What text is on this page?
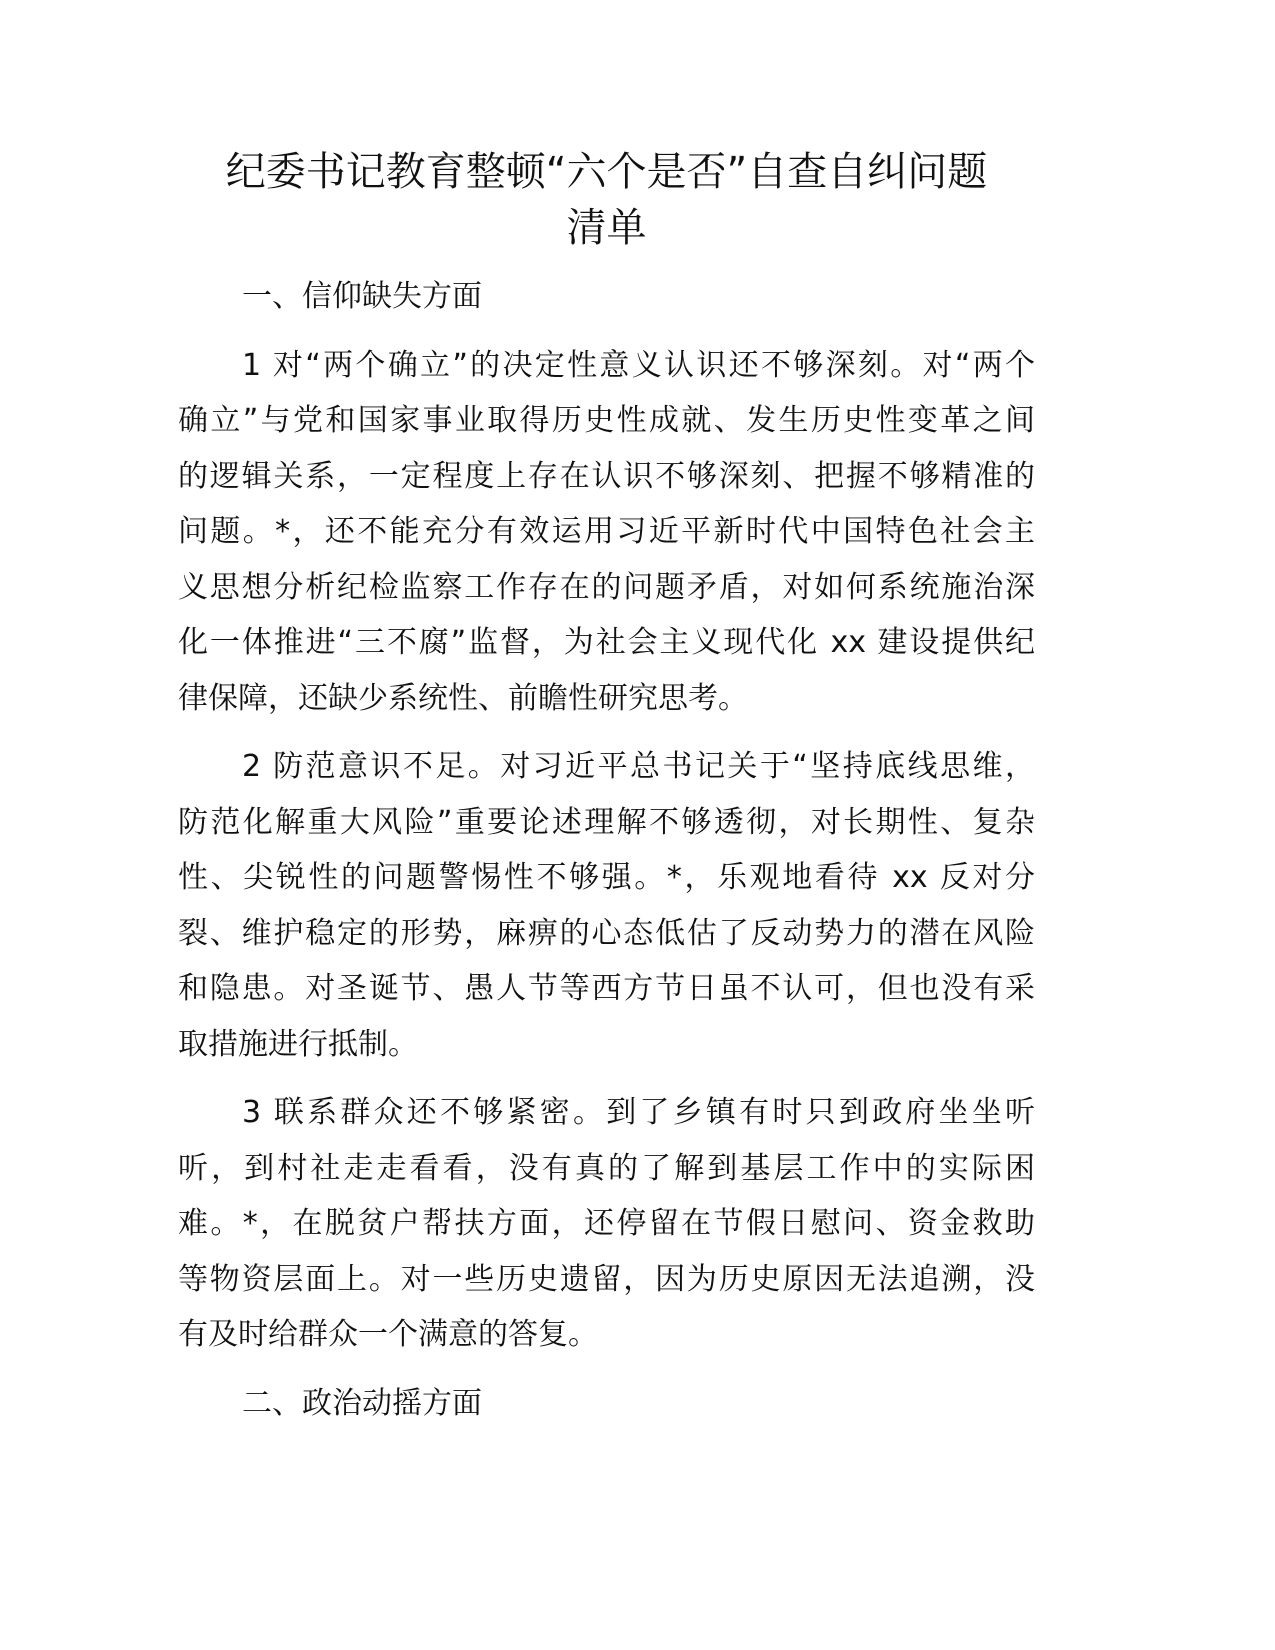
纪委书记教育整顿“六个是否”自查自纠问题
清单
一、信仰缺失方面
1 对“两个确立”的决定性意义认识还不够深刻。对“两个
确立”与党和国家事业取得历史性成就、发生历史性变革之间
的逻辑关系，一定程度上存在认识不够深刻、把握不够精准的
问题。*，还不能充分有效运用习近平新时代中国特色社会主
义思想分析纪检监察工作存在的问题矛盾，对如何系统施治深
化一体推进“三不腐”监督，为社会主义现代化 xx 建设提供纪
律保障，还缺少系统性、前瞻性研究思考。
2 防范意识不足。对习近平总书记关于“坚持底线思维，
防范化解重大风险”重要论述理解不够透彻，对长期性、复杂
性、尖锐性的问题警惕性不够强。*，乐观地看待 xx 反对分
裂、维护稳定的形势，麻痹的心态低估了反动势力的潜在风险
和隐患。对圣诞节、愚人节等西方节日虽不认可，但也没有采
取措施进行抵制。
3 联系群众还不够紧密。到了乡镇有时只到政府坐坐听
听，到村社走走看看，没有真的了解到基层工作中的实际困
难。*，在脱贫户帮扶方面，还停留在节假日慰问、资金救助
等物资层面上。对一些历史遗留，因为历史原因无法追溯，没
有及时给群众一个满意的答复。
二、政治动摇方面
